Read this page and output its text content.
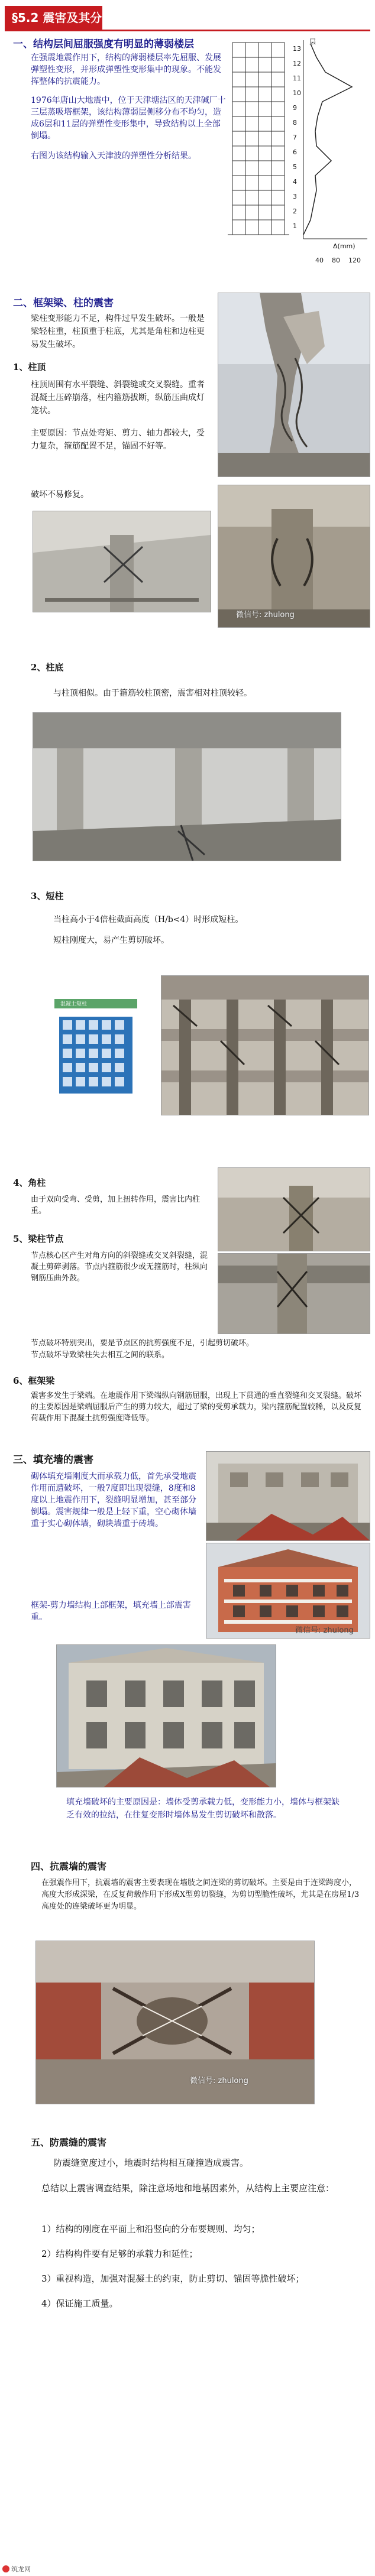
§5.2 震害及其分析
一、结构层间屈服强度有明显的薄弱楼层
在强震地震作用下，结构的薄弱楼层率先屈服、发展弹塑性变形，并形成弹塑性变形集中的现象。不能发挥整体的抗震能力。
1976年唐山大地震中，位于天津塘沽区的天津碱厂十三层蒸吸塔框架，该结构薄弱层侧移分布不均匀，造成6层和11层的弹塑性变形集中，导致结构以上全部倒塌。
右图为该结构输入天津波的弹塑性分析结果。
层
13
12
11
10
9
8
7
6
5
4
3
2
1
Δ(mm)
40 80 120
二、框架梁、柱的震害
梁柱变形能力不足，构件过早发生破坏。一般是梁轻柱重，柱顶重于柱底，尤其是角柱和边柱更易发生破坏。
1、柱顶
柱顶周围有水平裂缝、斜裂缝或交叉裂缝。重者混凝土压碎崩落，柱内箍筋拔断，纵筋压曲成灯笼状。
主要原因：节点处弯矩、剪力、轴力都较大，受力复杂，箍筋配置不足，锚固不好等。
破坏不易修复。
微信号: zhulong
2、柱底
与柱顶相似。由于箍筋较柱顶密，震害相对柱顶较轻。
3、短柱
当柱高小于4倍柱截面高度（H/b<4）时形成短柱。
短柱刚度大，易产生剪切破坏。
混凝土短柱
4、角柱
由于双向受弯、受剪，加上扭转作用，震害比内柱重。
5、梁柱节点
节点核心区产生对角方向的斜裂缝或交叉斜裂缝，混凝土剪碎剥落。节点内箍筋很少或无箍筋时，柱纵向钢筋压曲外鼓。
节点破坏特别突出，要是节点区的抗剪强度不足，引起剪切破坏。
节点破坏导致梁柱失去相互之间的联系。
6、框架梁
震害多发生于梁端。在地震作用下梁端纵向钢筋屈服，出现上下贯通的垂直裂缝和交叉裂缝。破坏的主要原因是梁端屈服后产生的剪力较大，超过了梁的受剪承载力，梁内箍筋配置较稀，以及反复荷载作用下混凝土抗剪强度降低等。
三、填充墙的震害
砌体填充墙刚度大而承载力低，首先承受地震作用而遭破坏，一般7度即出现裂缝，8度和8度以上地震作用下，裂缝明显增加，甚至部分倒塌。震害规律一般是上轻下重，空心砌体墙重于实心砌体墙，砌块墙重于砖墙。
框架-剪力墙结构上部框架，填充墙上部震害重。
微信号: zhulong
填充墙破坏的主要原因是：墙体受剪承载力低，变形能力小，墙体与框架缺乏有效的拉结，在往复变形时墙体易发生剪切破坏和散落。
四、抗震墙的震害
在强震作用下，抗震墙的震害主要表现在墙肢之间连梁的剪切破坏。主要是由于连梁跨度小，高度大形成深梁，在反复荷载作用下形成X型剪切裂缝，为剪切型脆性破坏，尤其是在房屋1/3高度处的连梁破坏更为明显。
微信号: zhulong
五、防震缝的震害
防震缝宽度过小，地震时结构相互碰撞造成震害。
总结以上震害调查结果，除注意场地和地基因素外，从结构上主要应注意：
1）结构的刚度在平面上和沿竖向的分布要规则、均匀；
2）结构构件要有足够的承载力和延性；
3）重视构造，加强对混凝土的约束，防止剪切、锚固等脆性破坏；
4）保证施工质量。
筑龙网
